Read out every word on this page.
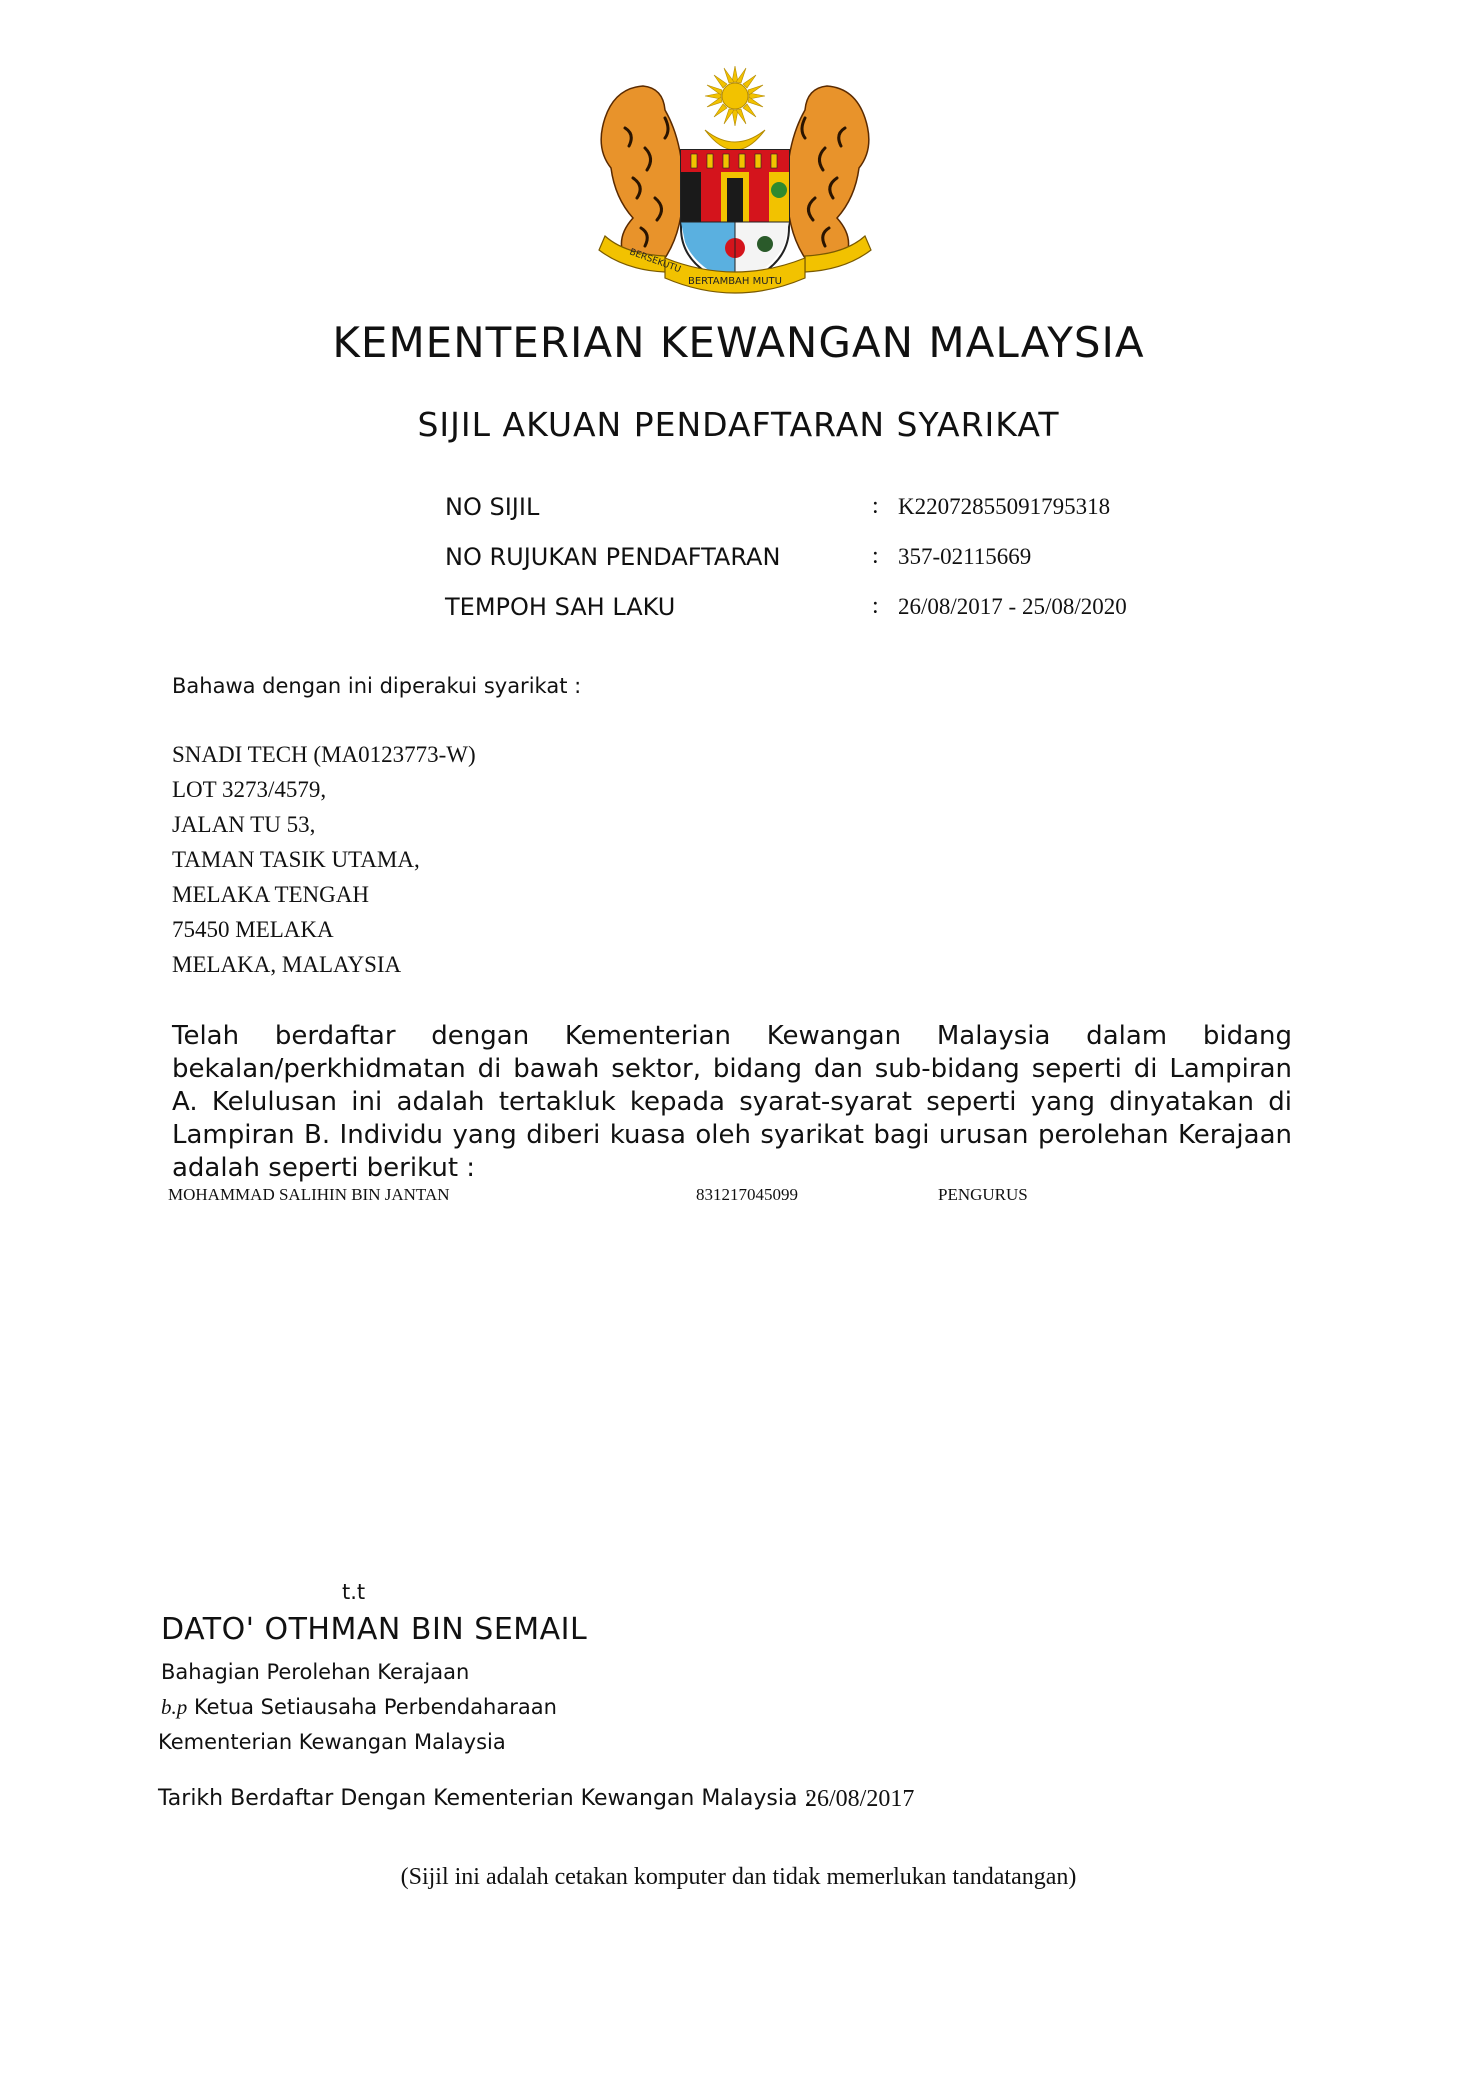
BERSEKUTU
BERTAMBAH MUTU
KEMENTERIAN KEWANGAN MALAYSIA
SIJIL AKUAN PENDAFTARAN SYARIKAT
NO SIJIL	: K22072855091795318
NO RUJUKAN PENDAFTARAN	: 357-02115669
TEMPOH SAH LAKU	: 26/08/2017 - 25/08/2020
Bahawa dengan ini diperakui syarikat :
SNADI TECH (MA0123773-W)
LOT 3273/4579,
JALAN TU 53,
TAMAN TASIK UTAMA,
MELAKA TENGAH
75450 MELAKA
MELAKA, MALAYSIA
Telah berdaftar dengan Kementerian Kewangan Malaysia dalam bidang bekalan/perkhidmatan di bawah sektor, bidang dan sub-bidang seperti di Lampiran A. Kelulusan ini adalah tertakluk kepada syarat-syarat seperti yang dinyatakan di Lampiran B. Individu yang diberi kuasa oleh syarikat bagi urusan perolehan Kerajaan adalah seperti berikut :
MOHAMMAD SALIHIN BIN JANTAN	831217045099	PENGURUS
t.t
DATO' OTHMAN BIN SEMAIL
Bahagian Perolehan Kerajaan
b.p Ketua Setiausaha Perbendaharaan
Kementerian Kewangan Malaysia
Tarikh Berdaftar Dengan Kementerian Kewangan Malaysia :
26/08/2017
(Sijil ini adalah cetakan komputer dan tidak memerlukan tandatangan)
